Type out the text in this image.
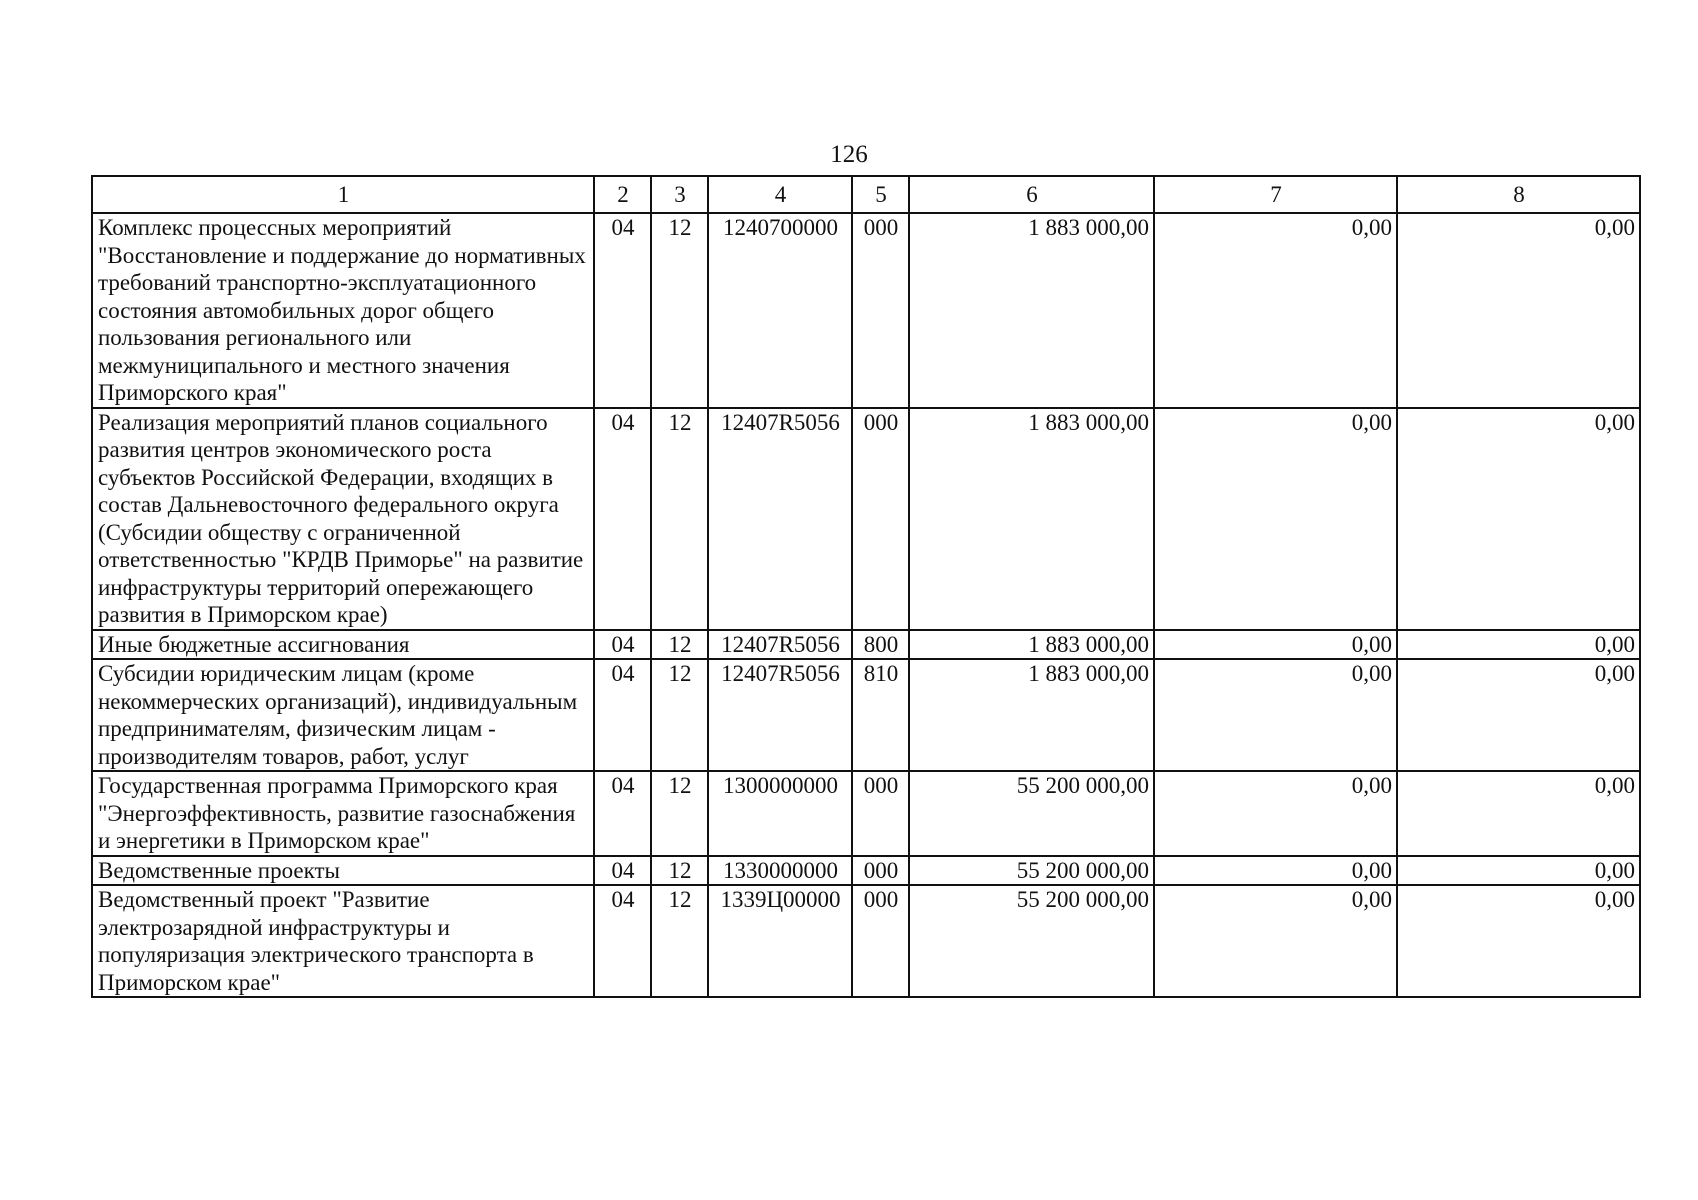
126
1	2	3	4	5	6	7	8
Комплекс процессных мероприятий "Восстановление и поддержание до нормативных требований транспортно-эксплуатационного состояния автомобильных дорог общего пользования регионального или межмуниципального и местного значения Приморского края"	04	12	1240700000	000	1 883 000,00	0,00	0,00
Реализация мероприятий планов социального развития центров экономического роста субъектов Российской Федерации, входящих в состав Дальневосточного федерального округа (Субсидии обществу с ограниченной ответственностью "КРДВ Приморье" на развитие инфраструктуры территорий опережающего развития в Приморском крае)	04	12	12407R5056	000	1 883 000,00	0,00	0,00
Иные бюджетные ассигнования	04	12	12407R5056	800	1 883 000,00	0,00	0,00
Субсидии юридическим лицам (кроме некоммерческих организаций), индивидуальным предпринимателям, физическим лицам - производителям товаров, работ, услуг	04	12	12407R5056	810	1 883 000,00	0,00	0,00
Государственная программа Приморского края "Энергоэффективность, развитие газоснабжения и энергетики в Приморском крае"	04	12	1300000000	000	55 200 000,00	0,00	0,00
Ведомственные проекты	04	12	1330000000	000	55 200 000,00	0,00	0,00
Ведомственный проект "Развитие электрозарядной инфраструктуры и популяризация электрического транспорта в Приморском крае"	04	12	1339Ц00000	000	55 200 000,00	0,00	0,00
